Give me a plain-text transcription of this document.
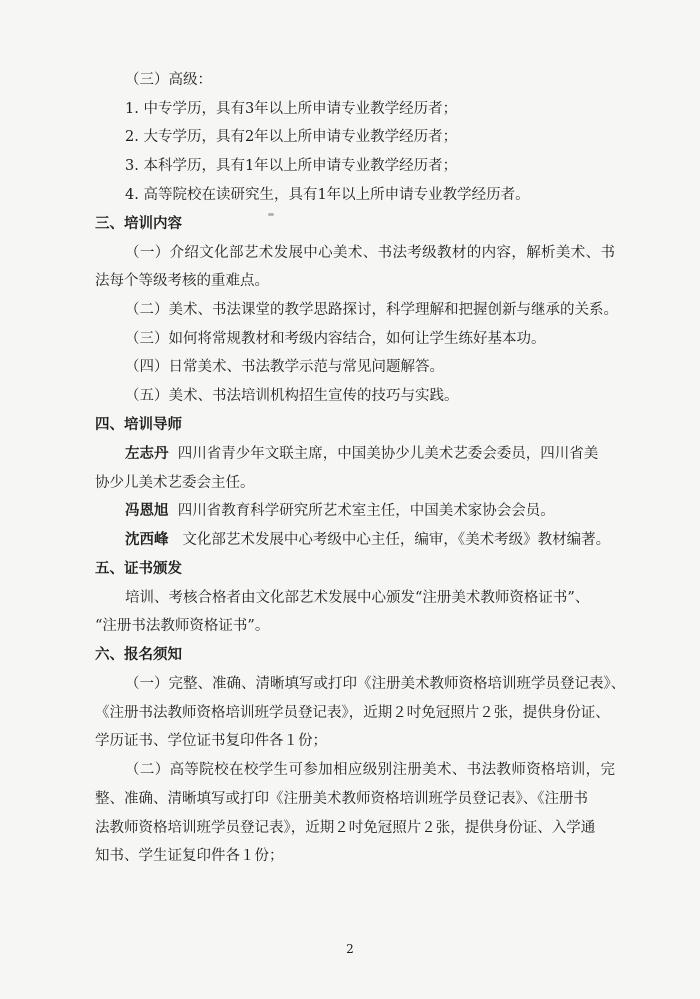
（三）高级：
1. 中专学历，具有3年以上所申请专业教学经历者；
2. 大专学历，具有2年以上所申请专业教学经历者；
3. 本科学历，具有1年以上所申请专业教学经历者；
4. 高等院校在读研究生，具有1年以上所申请专业教学经历者。
三、培训内容
（一）介绍文化部艺术发展中心美术、书法考级教材的内容，解析美术、书
法每个等级考核的重难点。
（二）美术、书法课堂的教学思路探讨，科学理解和把握创新与继承的关系。
（三）如何将常规教材和考级内容结合，如何让学生练好基本功。
（四）日常美术、书法教学示范与常见问题解答。
（五）美术、书法培训机构招生宣传的技巧与实践。
四、培训导师
左志丹 四川省青少年文联主席，中国美协少儿美术艺委会委员，四川省美
协少儿美术艺委会主任。
冯恩旭 四川省教育科学研究所艺术室主任，中国美术家协会会员。
沈西峰 文化部艺术发展中心考级中心主任，编审，《美术考级》教材编著。
五、证书颁发
培训、考核合格者由文化部艺术发展中心颁发“注册美术教师资格证书”、
“注册书法教师资格证书”。
六、报名须知
（一）完整、准确、清晰填写或打印《注册美术教师资格培训班学员登记表》、
《注册书法教师资格培训班学员登记表》，近期２吋免冠照片２张，提供身份证、
学历证书、学位证书复印件各１份；
（二）高等院校在校学生可参加相应级别注册美术、书法教师资格培训，完
整、准确、清晰填写或打印《注册美术教师资格培训班学员登记表》、《注册书
法教师资格培训班学员登记表》，近期２吋免冠照片２张，提供身份证、入学通
知书、学生证复印件各１份；
2
